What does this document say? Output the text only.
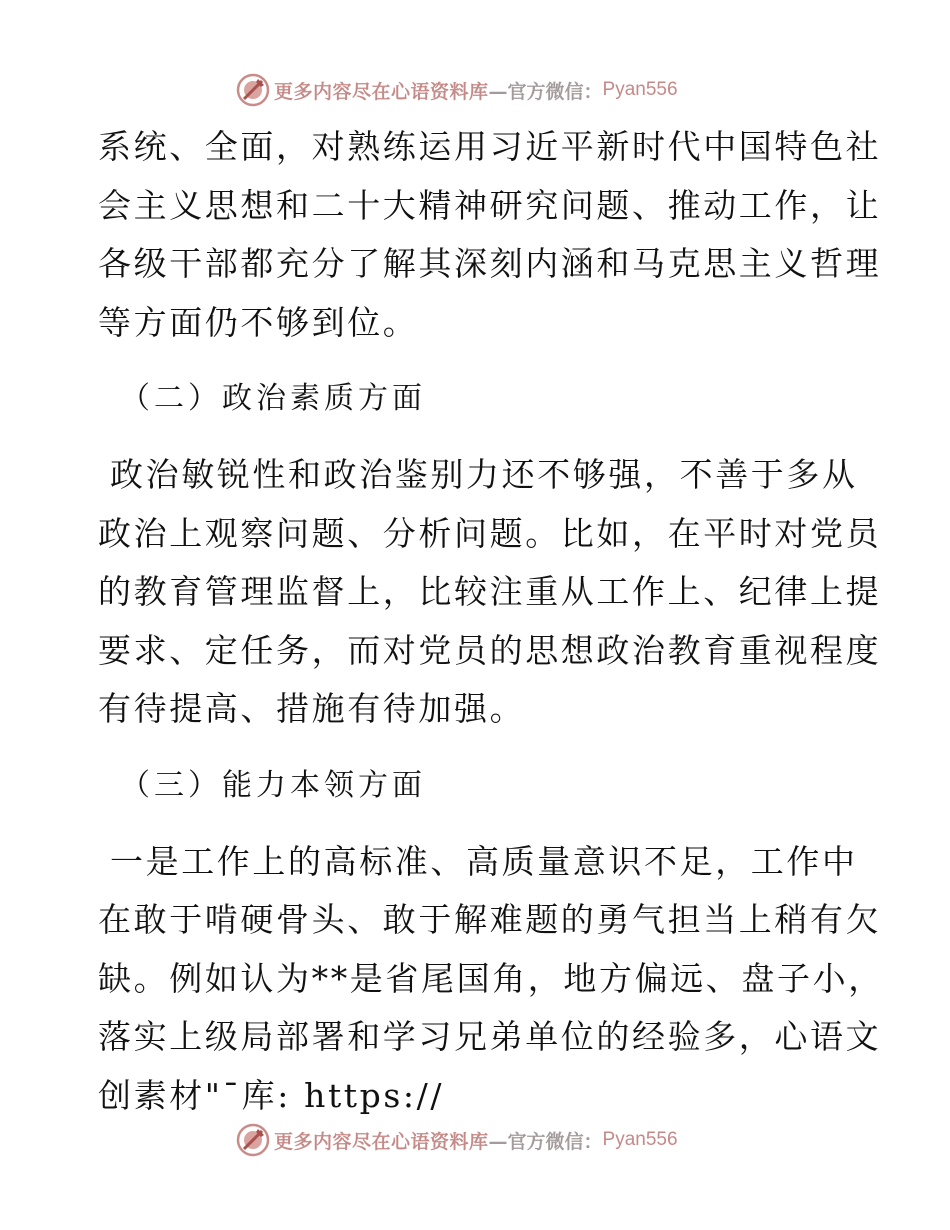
更多内容尽在心语资料库 —官方微信： Pyan556
系统、全面，对熟练运用习近平新时代中国特色社
会主义思想和二十大精神研究问题、推动工作，让
各级干部都充分了解其深刻内涵和马克思主义哲理
等方面仍不够到位。
（二）政治素质方面
政治敏锐性和政治鉴别力还不够强，不善于多从
政治上观察问题、分析问题。比如，在平时对党员
的教育管理监督上，比较注重从工作上、纪律上提
要求、定任务，而对党员的思想政治教育重视程度
有待提高、措施有待加强。
（三）能力本领方面
一是工作上的高标准、高质量意识不足，工作中
在敢于啃硬骨头、敢于解难题的勇气担当上稍有欠
缺。例如认为**是省尾国角，地方偏远、盘子小，
落实上级局部署和学习兄弟单位的经验多，心语文
创素材"¯库: https://
更多内容尽在心语资料库 —官方微信： Pyan556
